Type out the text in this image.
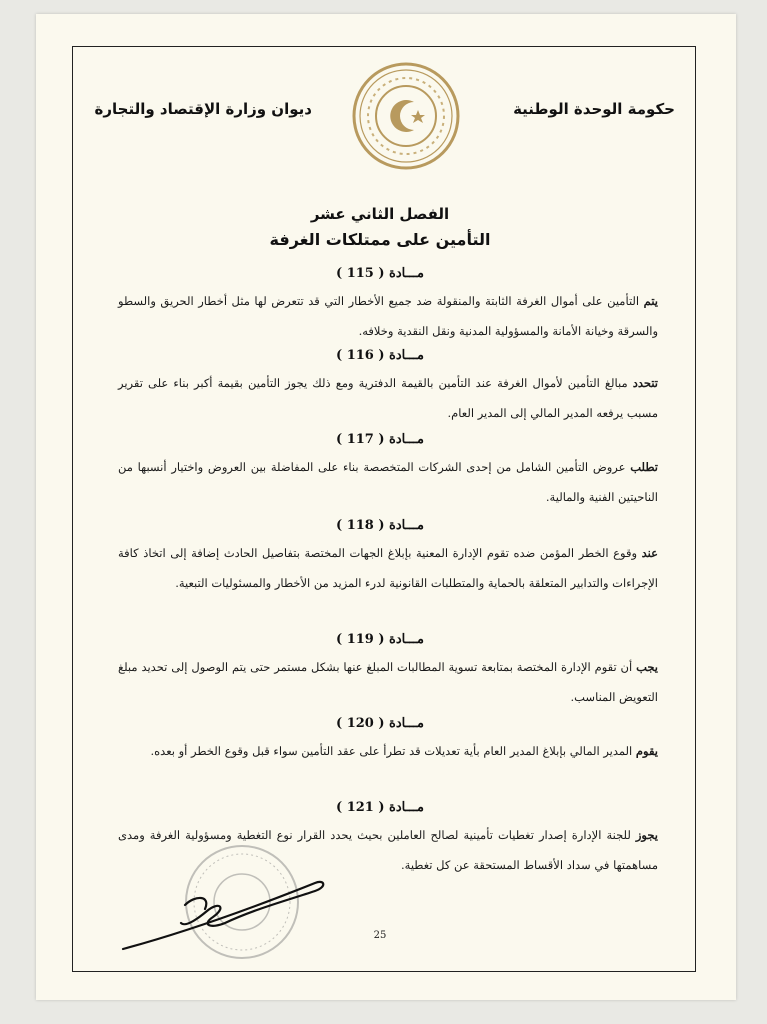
حكومة الوحدة الوطنية
ديوان وزارة الإقتصاد والتجارة
الفصل الثاني عشر
التأمين على ممتلكات الغرفة
مـــادة ( 115 )
يتم التأمين على أموال الغرفة الثابتة والمنقولة ضد جميع الأخطار التي قد تتعرض لها مثل أخطار الحريق والسطو والسرقة وخيانة الأمانة والمسؤولية المدنية ونقل النقدية وخلافه.
مـــادة ( 116 )
تتحدد مبالغ التأمين لأموال الغرفة عند التأمين بالقيمة الدفترية ومع ذلك يجوز التأمين بقيمة أكبر بناء على تقرير مسبب يرفعه المدير المالي إلى المدير العام.
مـــادة ( 117 )
تطلب عروض التأمين الشامل من إحدى الشركات المتخصصة بناء على المفاضلة بين العروض واختيار أنسبها من الناحيتين الفنية والمالية.
مـــادة ( 118 )
عند وقوع الخطر المؤمن ضده تقوم الإدارة المعنية بإبلاغ الجهات المختصة بتفاصيل الحادث إضافة إلى اتخاذ كافة الإجراءات والتدابير المتعلقة بالحماية والمتطلبات القانونية لدرء المزيد من الأخطار والمسئوليات التبعية.
مـــادة ( 119 )
يجب أن تقوم الإدارة المختصة بمتابعة تسوية المطالبات المبلغ عنها بشكل مستمر حتى يتم الوصول إلى تحديد مبلغ التعويض المناسب.
مـــادة ( 120 )
يقوم المدير المالي بإبلاغ المدير العام بأية تعديلات قد تطرأ على عقد التأمين سواء قبل وقوع الخطر أو بعده.
مـــادة ( 121 )
يجوز للجنة الإدارة إصدار تغطيات تأمينية لصالح العاملين بحيث يحدد القرار نوع التغطية ومسؤولية الغرفة ومدى مساهمتها في سداد الأقساط المستحقة عن كل تغطية.
25
